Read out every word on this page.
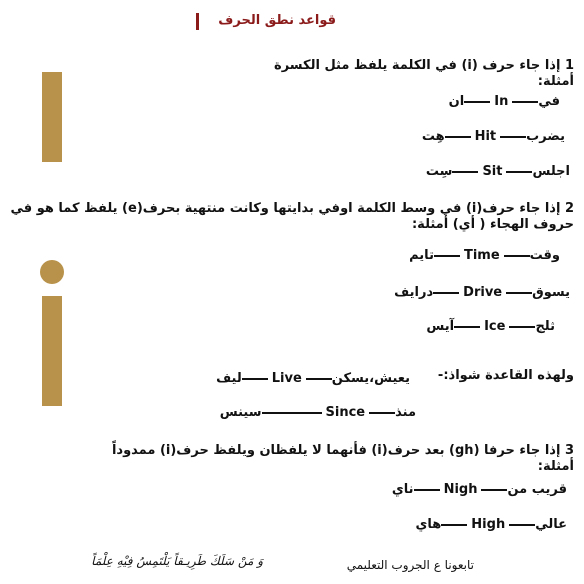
قواعد نطق الحرف
1 إذا جاء حرف (i) في الكلمة يلفظ مثل الكسرة أمثلة:
فيInان
يضربHitهِت
اجلسSitسِت
2 إذا جاء حرف(i) في وسط الكلمة اوفي بدايتها وكانت منتهية بحرف(e) يلفظ كما هو في حروف الهجاء ( أي) أمثلة:
وقتTimeتايم
يسوقDriveدرايف
ثلجIceآيس
ولهذه القاعدة شواذ:-
يعيش،يسكنLiveليف
منذSinceسينس
3 إذا جاء حرفا (gh) بعد حرف(i) فأنهما لا يلفظان ويلفظ حرف(i) ممدوداً أمثلة:
قريب منNighناي
عاليHighهاي
تابعونا ع الجروب التعليمي
وَ مَنْ سَلَكَ طَرِيـقاً يَلْتَمِسُ فِيْهِ عِلْمَاً
